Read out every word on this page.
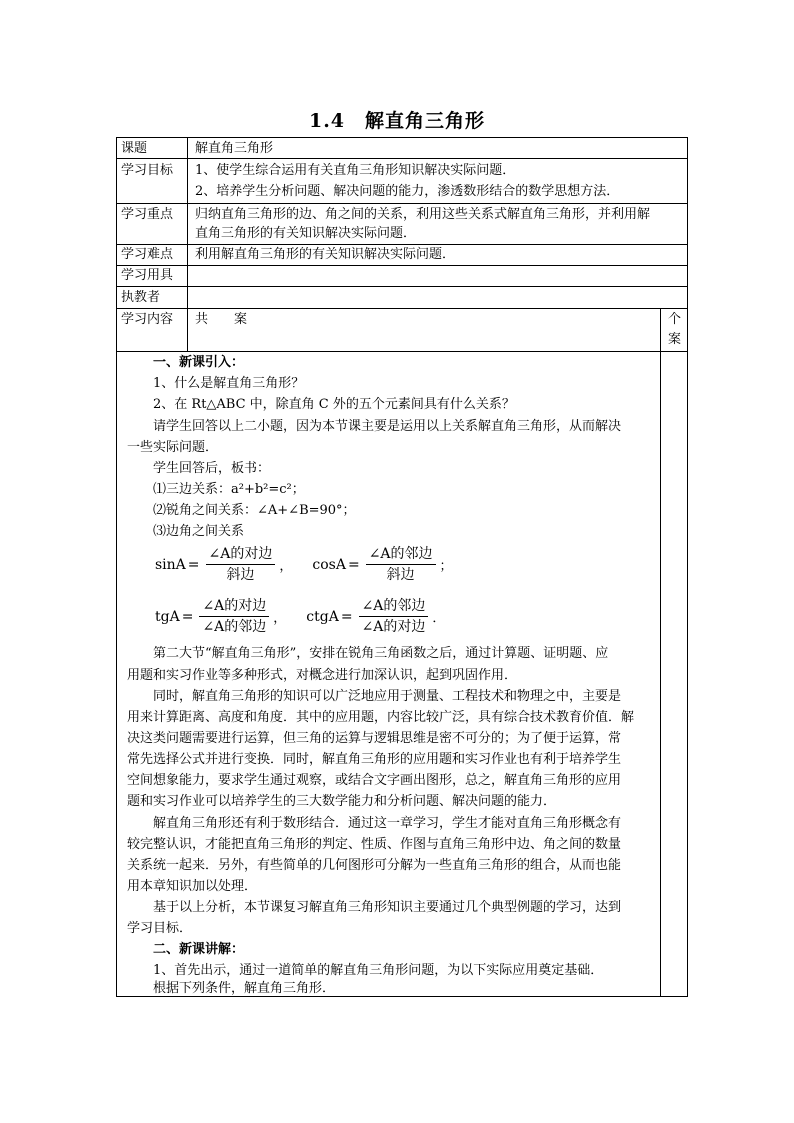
1.4　解直角三角形
课题	解直角三角形
学习目标 1、使学生综合运用有关直角三角形知识解决实际问题．
2、培养学生分析问题、解决问题的能力，渗透数形结合的数学思想方法．
学习重点 归纳直角三角形的边、角之间的关系，利用这些关系式解直角三角形，并利用解
直角三角形的有关知识解决实际问题．
学习难点 利用解直角三角形的有关知识解决实际问题．
学习用具
执教者
学习内容 共　　案	个
案
一、新课引入：
1、什么是解直角三角形？
2、在 Rt△ABC 中，除直角 C 外的五个元素间具有什么关系？
请学生回答以上二小题，因为本节课主要是运用以上关系解直角三角形，从而解决
一些实际问题．
学生回答后，板书：
⑴三边关系：a²+b²=c²；
⑵锐角之间关系：∠A+∠B=90°；
⑶边角之间关系
$\sin A = \frac{\text{∠A的对边}}{\text{斜边}}$ ， $\cos A = \frac{\text{∠A的邻边}}{\text{斜边}}$ ；
tgA = $\frac{\text{∠A的对边}}{\text{∠A的邻边}}$ ， ctgA = $\frac{\text{∠A的邻边}}{\text{∠A的对边}}$ ．
第二大节“解直角三角形”，安排在锐角三角函数之后，通过计算题、证明题、应
用题和实习作业等多种形式，对概念进行加深认识，起到巩固作用．
同时，解直角三角形的知识可以广泛地应用于测量、工程技术和物理之中，主要是
用来计算距离、高度和角度．其中的应用题，内容比较广泛，具有综合技术教育价值．解
决这类问题需要进行运算，但三角的运算与逻辑思维是密不可分的；为了便于运算，常
常先选择公式并进行变换．同时，解直角三角形的应用题和实习作业也有利于培养学生
空间想象能力，要求学生通过观察，或结合文字画出图形，总之，解直角三角形的应用
题和实习作业可以培养学生的三大数学能力和分析问题、解决问题的能力．
解直角三角形还有利于数形结合．通过这一章学习，学生才能对直角三角形概念有
较完整认识，才能把直角三角形的判定、性质、作图与直角三角形中边、角之间的数量
关系统一起来．另外，有些简单的几何图形可分解为一些直角三角形的组合，从而也能
用本章知识加以处理．
基于以上分析，本节课复习解直角三角形知识主要通过几个典型例题的学习，达到
学习目标．
二、新课讲解：
1、首先出示，通过一道简单的解直角三角形问题，为以下实际应用奠定基础．
根据下列条件，解直角三角形．
